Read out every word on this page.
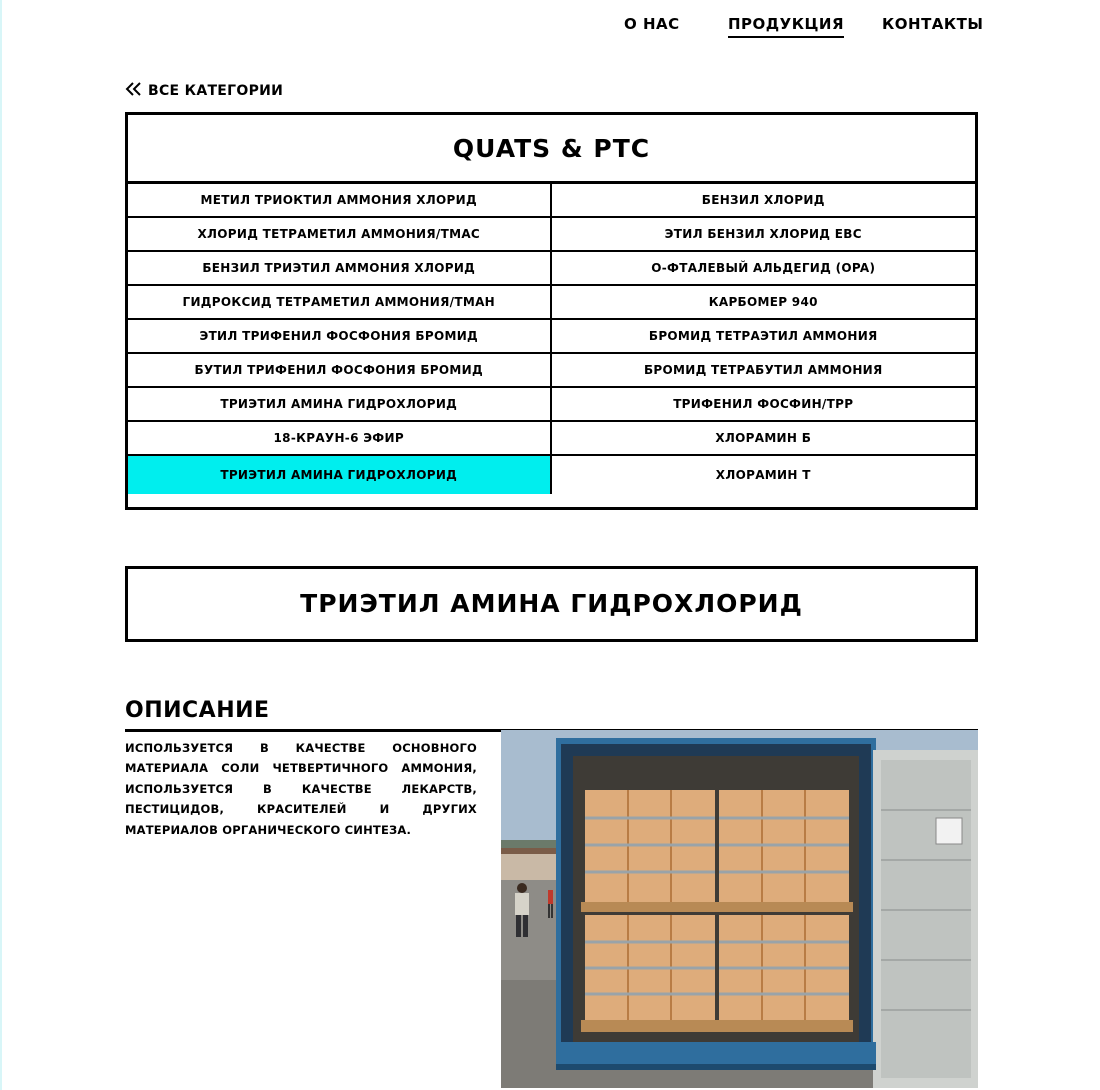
О НАС	ПРОДУКЦИЯ	КОНТАКТЫ
ВСЕ КАТЕГОРИИ
QUATS & PTC
МЕТИЛ ТРИОКТИЛ АММОНИЯ ХЛОРИД	БЕНЗИЛ ХЛОРИД
ХЛОРИД ТЕТРАМЕТИЛ АММОНИЯ/TMAC	ЭТИЛ БЕНЗИЛ ХЛОРИД EBC
БЕНЗИЛ ТРИЭТИЛ АММОНИЯ ХЛОРИД	О-ФТАЛЕВЫЙ АЛЬДЕГИД (OPA)
ГИДРОКСИД ТЕТРАМЕТИЛ АММОНИЯ/TMAH	КАРБОМЕР 940
ЭТИЛ ТРИФЕНИЛ ФОСФОНИЯ БРОМИД	БРОМИД ТЕТРАЭТИЛ АММОНИЯ
БУТИЛ ТРИФЕНИЛ ФОСФОНИЯ БРОМИД	БРОМИД ТЕТРАБУТИЛ АММОНИЯ
ТРИЭТИЛ АМИНА ГИДРОХЛОРИД	ТРИФЕНИЛ ФОСФИН/TPP
18-КРАУН-6 ЭФИР	ХЛОРАМИН Б
ТРИЭТИЛ АМИНА ГИДРОХЛОРИД	ХЛОРАМИН Т
ТРИЭТИЛ АМИНА ГИДРОХЛОРИД
ОПИСАНИЕ

ИСПОЛЬЗУЕТСЯ В КАЧЕСТВЕ ОСНОВНОГО МАТЕРИАЛА СОЛИ ЧЕТВЕРТИЧНОГО АММОНИЯ, ИСПОЛЬЗУЕТСЯ В КАЧЕСТВЕ ЛЕКАРСТВ, ПЕСТИЦИДОВ, КРАСИТЕЛЕЙ И ДРУГИХ МАТЕРИАЛОВ ОРГАНИЧЕСКОГО СИНТЕЗА.
